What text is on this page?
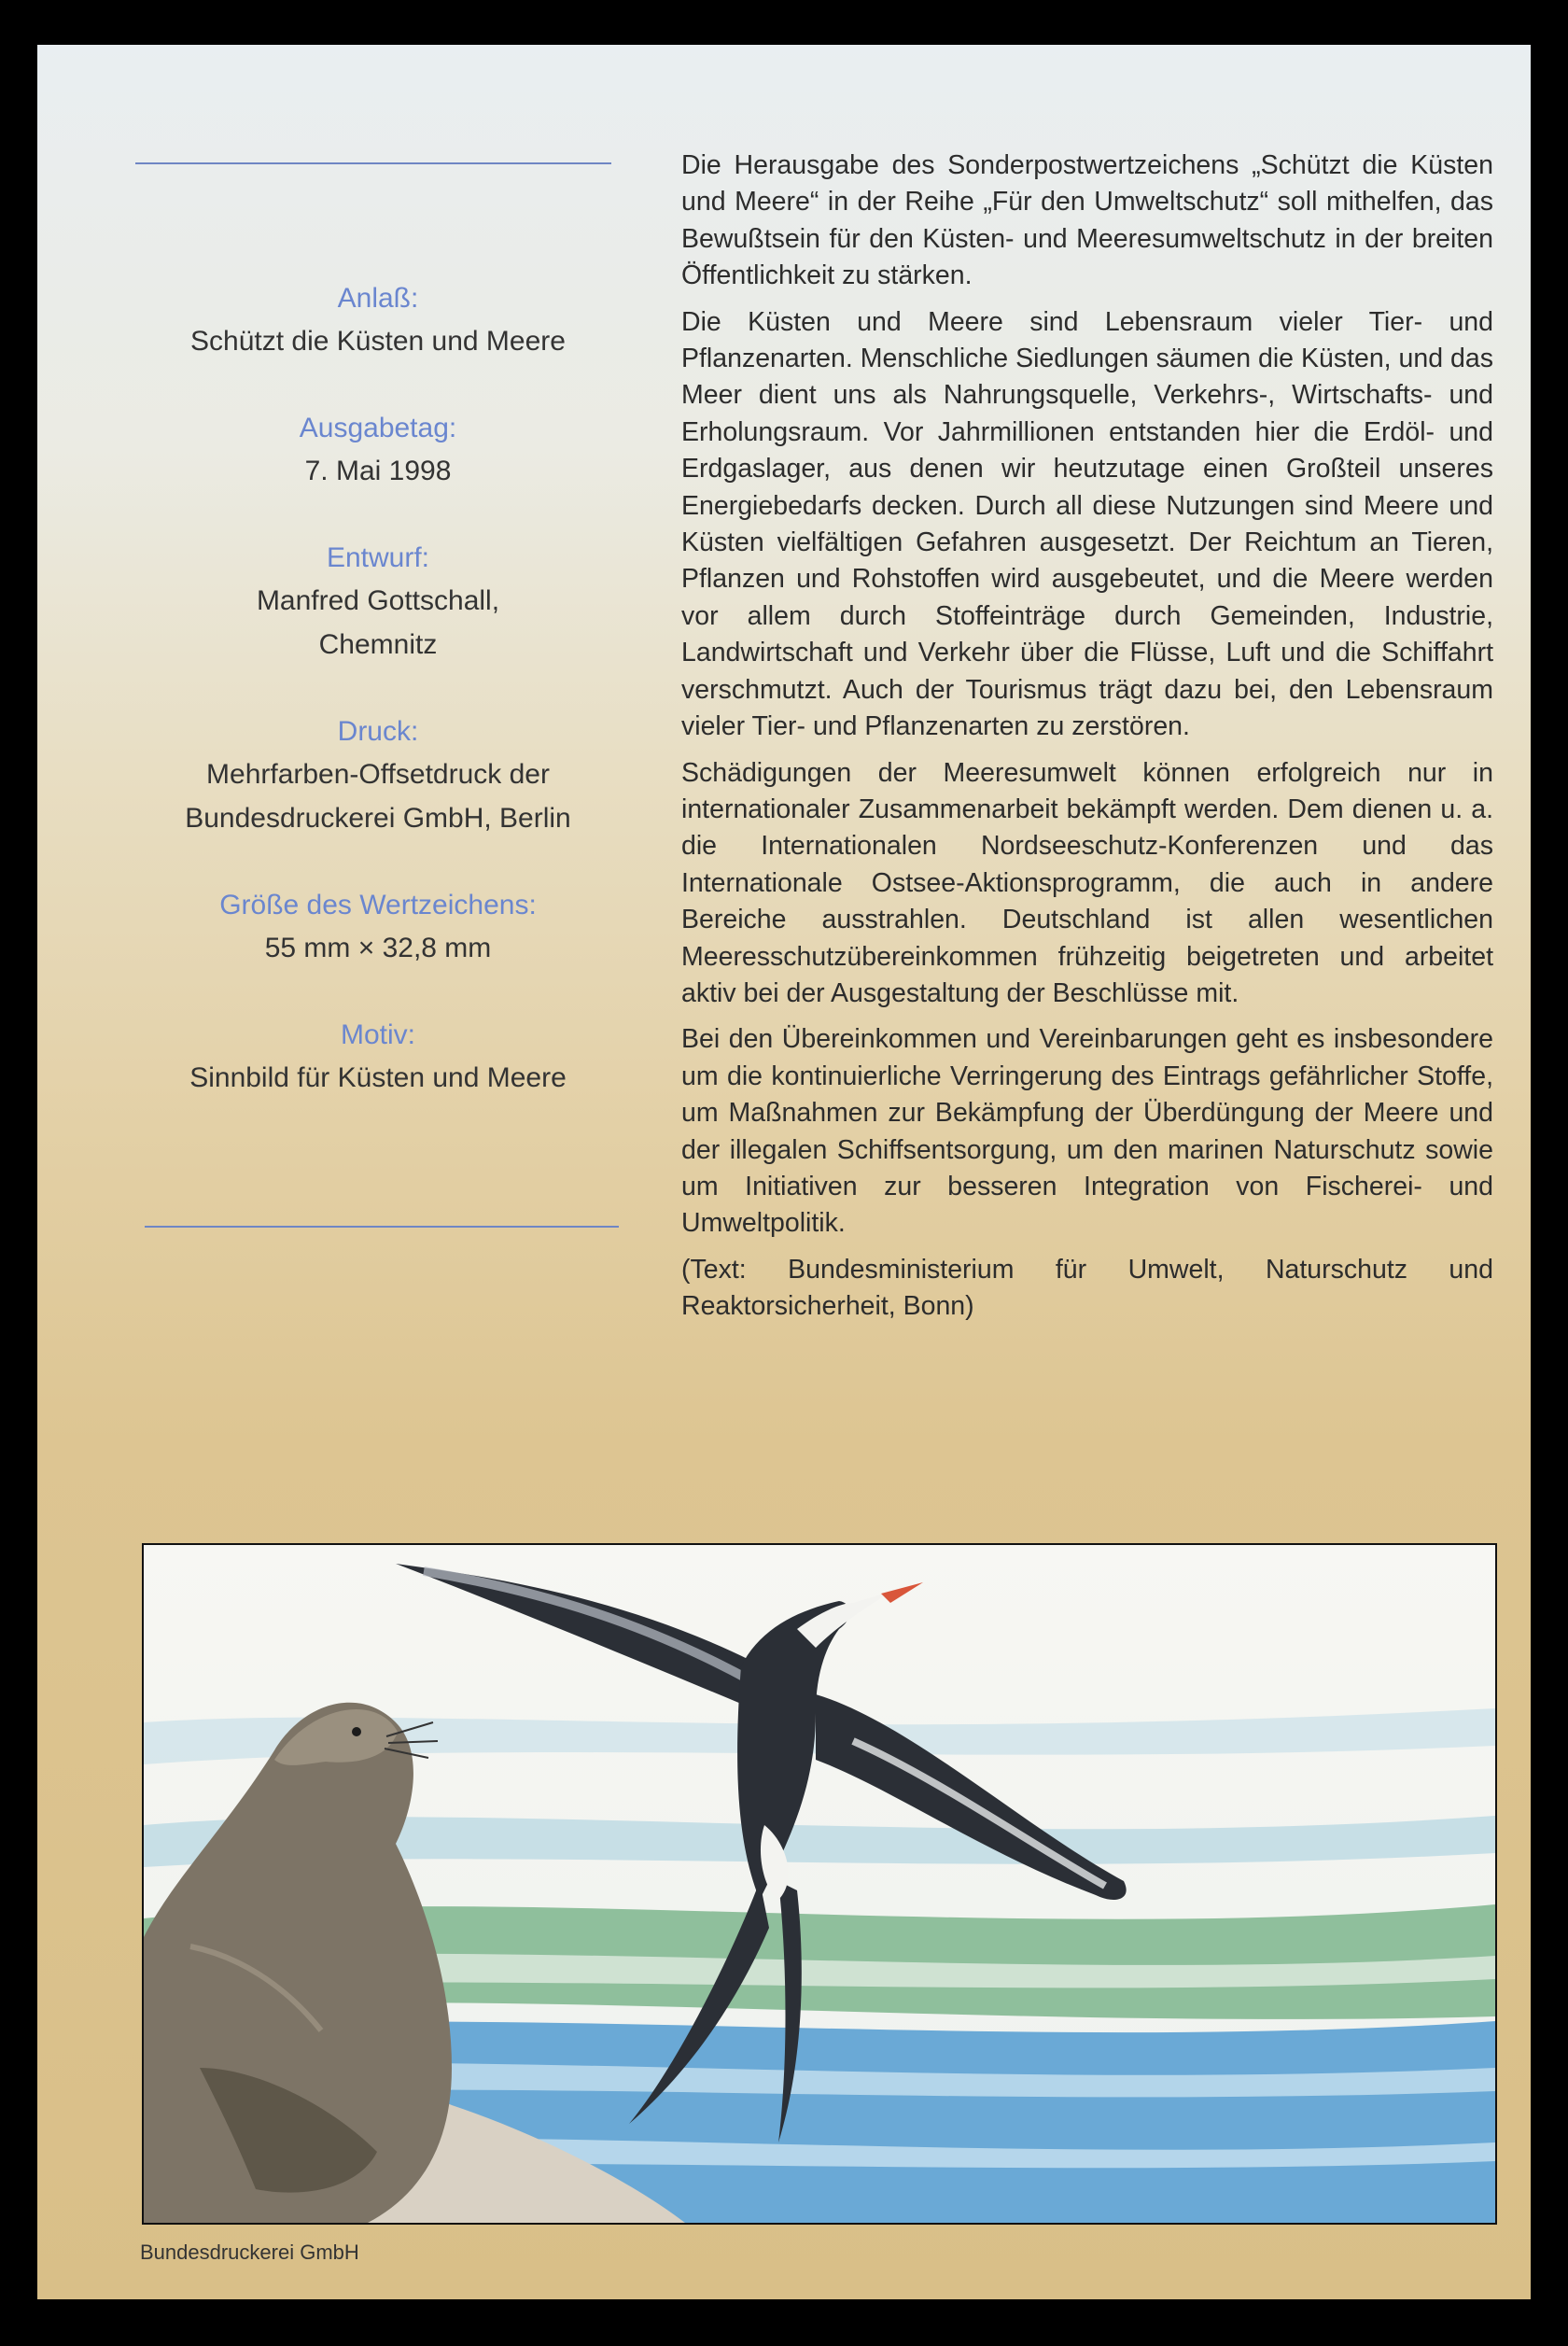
Anlaß:
Schützt die Küsten und Meere
Ausgabetag:
7. Mai 1998
Entwurf:
Manfred Gottschall,
Chemnitz
Druck:
Mehrfarben-Offsetdruck der
Bundesdruckerei GmbH, Berlin
Größe des Wertzeichens:
55 mm × 32,8 mm
Motiv:
Sinnbild für Küsten und Meere

Die Herausgabe des Sonderpostwertzeichens „Schützt die Küsten und Meere“ in der Reihe „Für den Umweltschutz“ soll mithelfen, das Bewußtsein für den Küsten- und Meeresumweltschutz in der breiten Öffentlichkeit zu stärken.

Die Küsten und Meere sind Lebensraum vieler Tier- und Pflanzenarten. Menschliche Siedlungen säumen die Küsten, und das Meer dient uns als Nahrungsquelle, Verkehrs-, Wirtschafts- und Erholungsraum. Vor Jahrmillionen entstanden hier die Erdöl- und Erdgaslager, aus denen wir heutzutage einen Großteil unseres Energiebedarfs decken. Durch all diese Nutzungen sind Meere und Küsten vielfältigen Gefahren ausgesetzt. Der Reichtum an Tieren, Pflanzen und Rohstoffen wird ausgebeutet, und die Meere werden vor allem durch Stoffeinträge durch Gemeinden, Industrie, Landwirtschaft und Verkehr über die Flüsse, Luft und die Schiffahrt verschmutzt. Auch der Tourismus trägt dazu bei, den Lebensraum vieler Tier- und Pflanzenarten zu zerstören.

Schädigungen der Meeresumwelt können erfolgreich nur in internationaler Zusammenarbeit bekämpft werden. Dem dienen u. a. die Internationalen Nordseeschutz-Konferenzen und das Internationale Ostsee-Aktionsprogramm, die auch in andere Bereiche ausstrahlen. Deutschland ist allen wesentlichen Meeresschutzübereinkommen frühzeitig beigetreten und arbeitet aktiv bei der Ausgestaltung der Beschlüsse mit.

Bei den Übereinkommen und Vereinbarungen geht es insbesondere um die kontinuierliche Verringerung des Eintrags gefährlicher Stoffe, um Maßnahmen zur Bekämpfung der Überdüngung der Meere und der illegalen Schiffsentsorgung, um den marinen Naturschutz sowie um Initiativen zur besseren Integration von Fischerei- und Umweltpolitik.

(Text: Bundesministerium für Umwelt, Naturschutz und Reaktorsicherheit, Bonn)

Bundesdruckerei GmbH
